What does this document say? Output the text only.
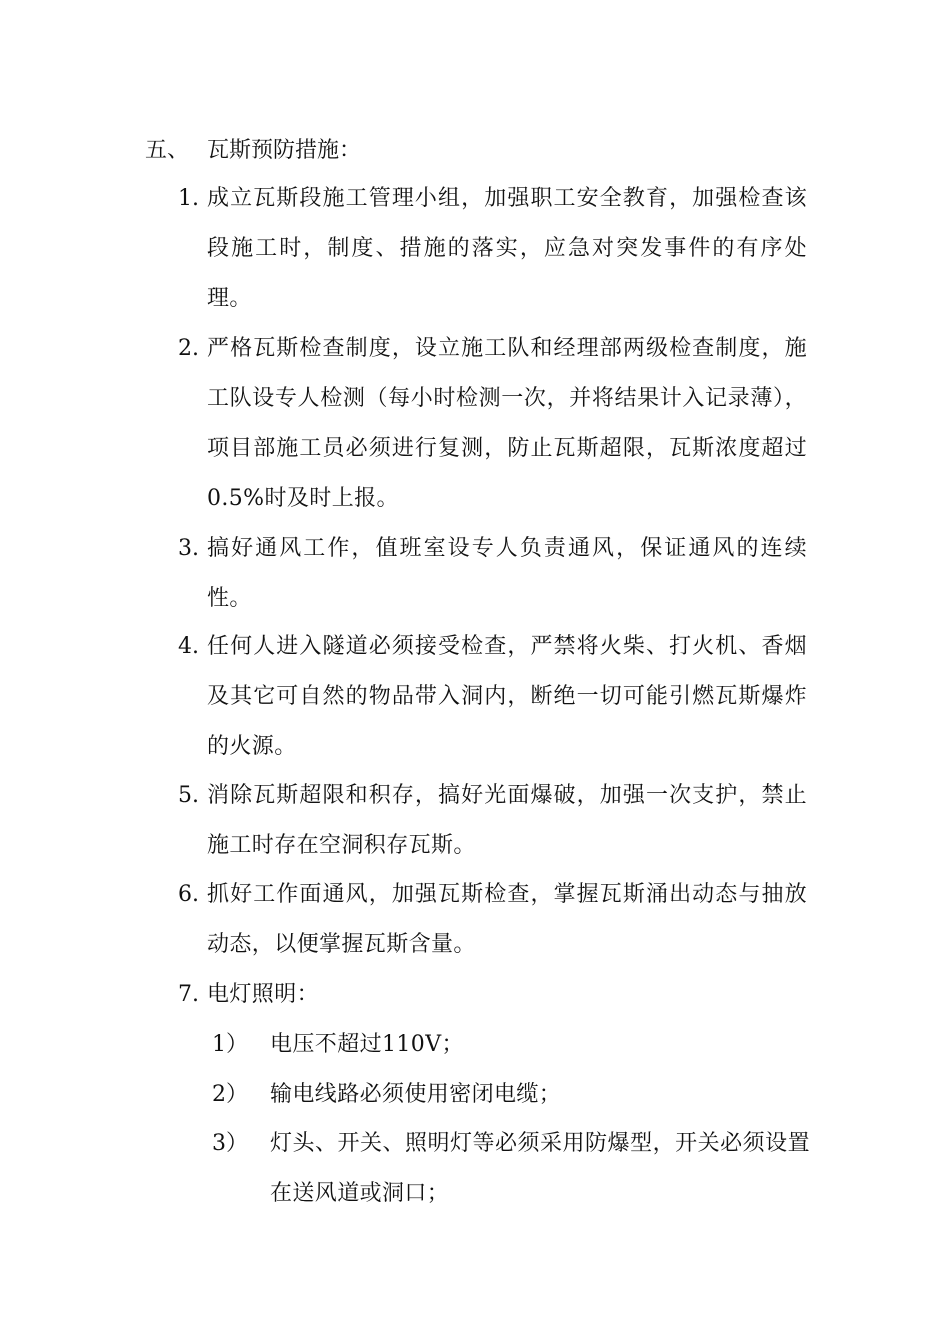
五、 瓦斯预防措施：
1. 成立瓦斯段施工管理小组，加强职工安全教育，加强检查该段施工时，制度、措施的落实，应急对突发事件的有序处理。
2. 严格瓦斯检查制度，设立施工队和经理部两级检查制度，施工队设专人检测（每小时检测一次，并将结果计入记录薄），项目部施工员必须进行复测，防止瓦斯超限，瓦斯浓度超过0.5%时及时上报。
3. 搞好通风工作，值班室设专人负责通风，保证通风的连续性。
4. 任何人进入隧道必须接受检查，严禁将火柴、打火机、香烟及其它可自然的物品带入洞内，断绝一切可能引燃瓦斯爆炸的火源。
5. 消除瓦斯超限和积存，搞好光面爆破，加强一次支护，禁止施工时存在空洞积存瓦斯。
6. 抓好工作面通风，加强瓦斯检查，掌握瓦斯涌出动态与抽放动态，以便掌握瓦斯含量。
7. 电灯照明：
1） 电压不超过110V；
2） 输电线路必须使用密闭电缆；
3） 灯头、开关、照明灯等必须采用防爆型，开关必须设置在送风道或洞口；
